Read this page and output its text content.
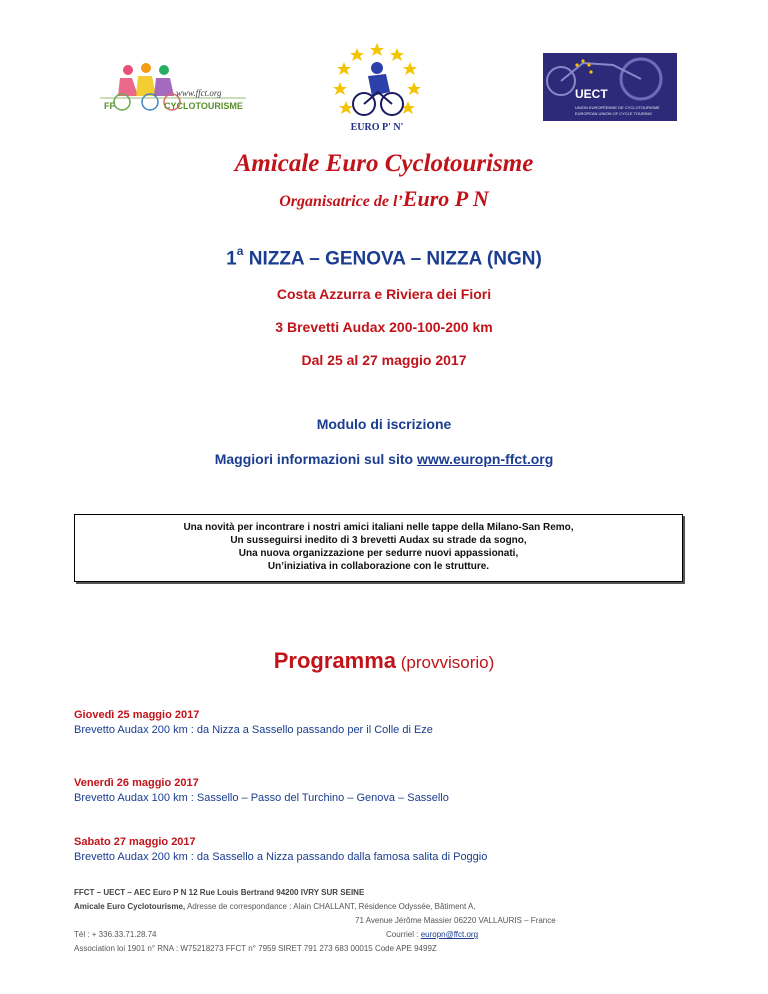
www.ffct.org
FF	CYCLOTOURISME
EURO P' N'
UECT
UNION EUROPÉENNE DE CYCLOTOURISME
EUROPEAN UNION OF CYCLE TOURING
Amicale Euro Cyclotourisme
Organisatrice de l’Euro P N
1$^a$ NIZZA – GENOVA – NIZZA (NGN)
Costa Azzurra e Riviera dei Fiori
3 Brevetti Audax 200-100-200 km
Dal 25 al 27 maggio 2017
Modulo di iscrizione
Maggiori informazioni sul sito www.europn-ffct.org
Una novità per incontrare i nostri amici italiani nelle tappe della Milano-San Remo,
Un susseguirsi inedito di 3 brevetti Audax su strade da sogno,
Una nuova organizzazione per sedurre nuovi appassionati,
Un’iniziativa in collaborazione con le strutture.
Programma (provvisorio)
Giovedì 25 maggio 2017
Brevetto Audax 200 km : da Nizza a Sassello passando per il Colle di Eze
Venerdì 26 maggio 2017
Brevetto Audax 100 km : Sassello – Passo del Turchino – Genova – Sassello
Sabato 27 maggio 2017
Brevetto Audax 200 km : da Sassello a Nizza passando dalla famosa salita di Poggio
FFCT – UECT – AEC Euro P N 12 Rue Louis Bertrand 94200 IVRY SUR SEINE
Amicale Euro Cyclotourisme, Adresse de correspondance : Alain CHALLANT, Résidence Odyssée, Bâtiment A,
71 Avenue Jérôme Massier 06220 VALLAURIS – France
Tél : + 336.33.71.28.74	Courriel : europn@ffct.org
Association loi 1901 n° RNA : W75218273 FFCT n° 7959 SIRET 791 273 683 00015 Code APE 9499Z
